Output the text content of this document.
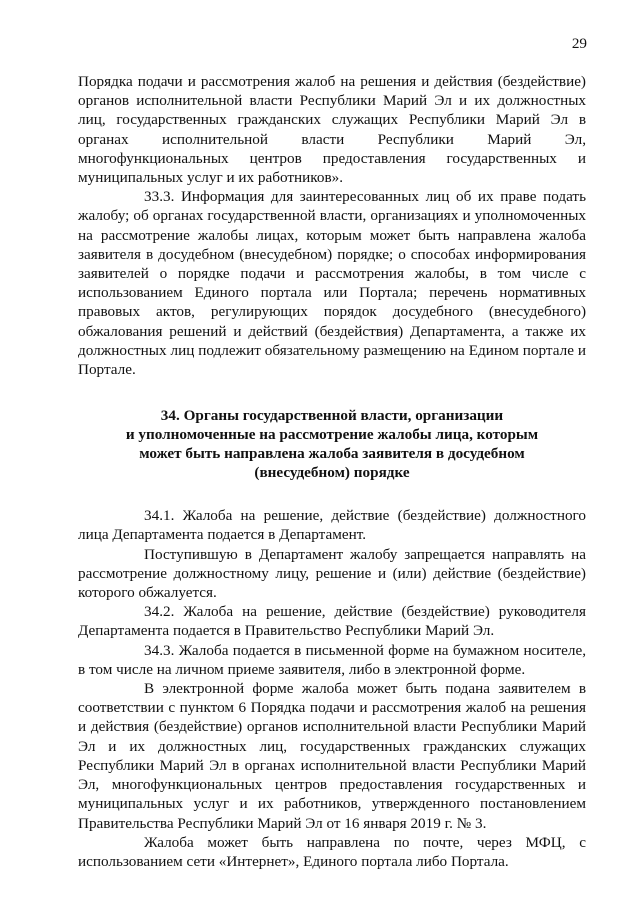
29

Порядка подачи и рассмотрения жалоб на решения и действия (бездействие) органов исполнительной власти Республики Марий Эл и их должностных лиц, государственных гражданских служащих Республики Марий Эл в органах исполнительной власти Республики Марий Эл, многофункциональных центров предоставления государственных и муниципальных услуг и их работников».

33.3. Информация для заинтересованных лиц об их праве подать жалобу; об органах государственной власти, организациях и уполномоченных на рассмотрение жалобы лицах, которым может быть направлена жалоба заявителя в досудебном (внесудебном) порядке; о способах информирования заявителей о порядке подачи и рассмотрения жалобы, в том числе с использованием Единого портала или Портала; перечень нормативных правовых актов, регулирующих порядок досудебного (внесудебного) обжалования решений и действий (бездействия) Департамента, а также их должностных лиц подлежит обязательному размещению на Едином портале и Портале.

34. Органы государственной власти, организации
и уполномоченные на рассмотрение жалобы лица, которым
может быть направлена жалоба заявителя в досудебном
(внесудебном) порядке

34.1. Жалоба на решение, действие (бездействие) должностного лица Департамента подается в Департамент.

Поступившую в Департамент жалобу запрещается направлять на рассмотрение должностному лицу, решение и (или) действие (бездействие) которого обжалуется.

34.2. Жалоба на решение, действие (бездействие) руководителя Департамента подается в Правительство Республики Марий Эл.

34.3. Жалоба подается в письменной форме на бумажном носителе, в том числе на личном приеме заявителя, либо в электронной форме.

В электронной форме жалоба может быть подана заявителем в соответствии с пунктом 6 Порядка подачи и рассмотрения жалоб на решения и действия (бездействие) органов исполнительной власти Республики Марий Эл и их должностных лиц, государственных гражданских служащих Республики Марий Эл в органах исполнительной власти Республики Марий Эл, многофункциональных центров предоставления государственных и муниципальных услуг и их работников, утвержденного постановлением Правительства Республики Марий Эл от 16 января 2019 г. № 3.

Жалоба может быть направлена по почте, через МФЦ, с использованием сети «Интернет», Единого портала либо Портала.
